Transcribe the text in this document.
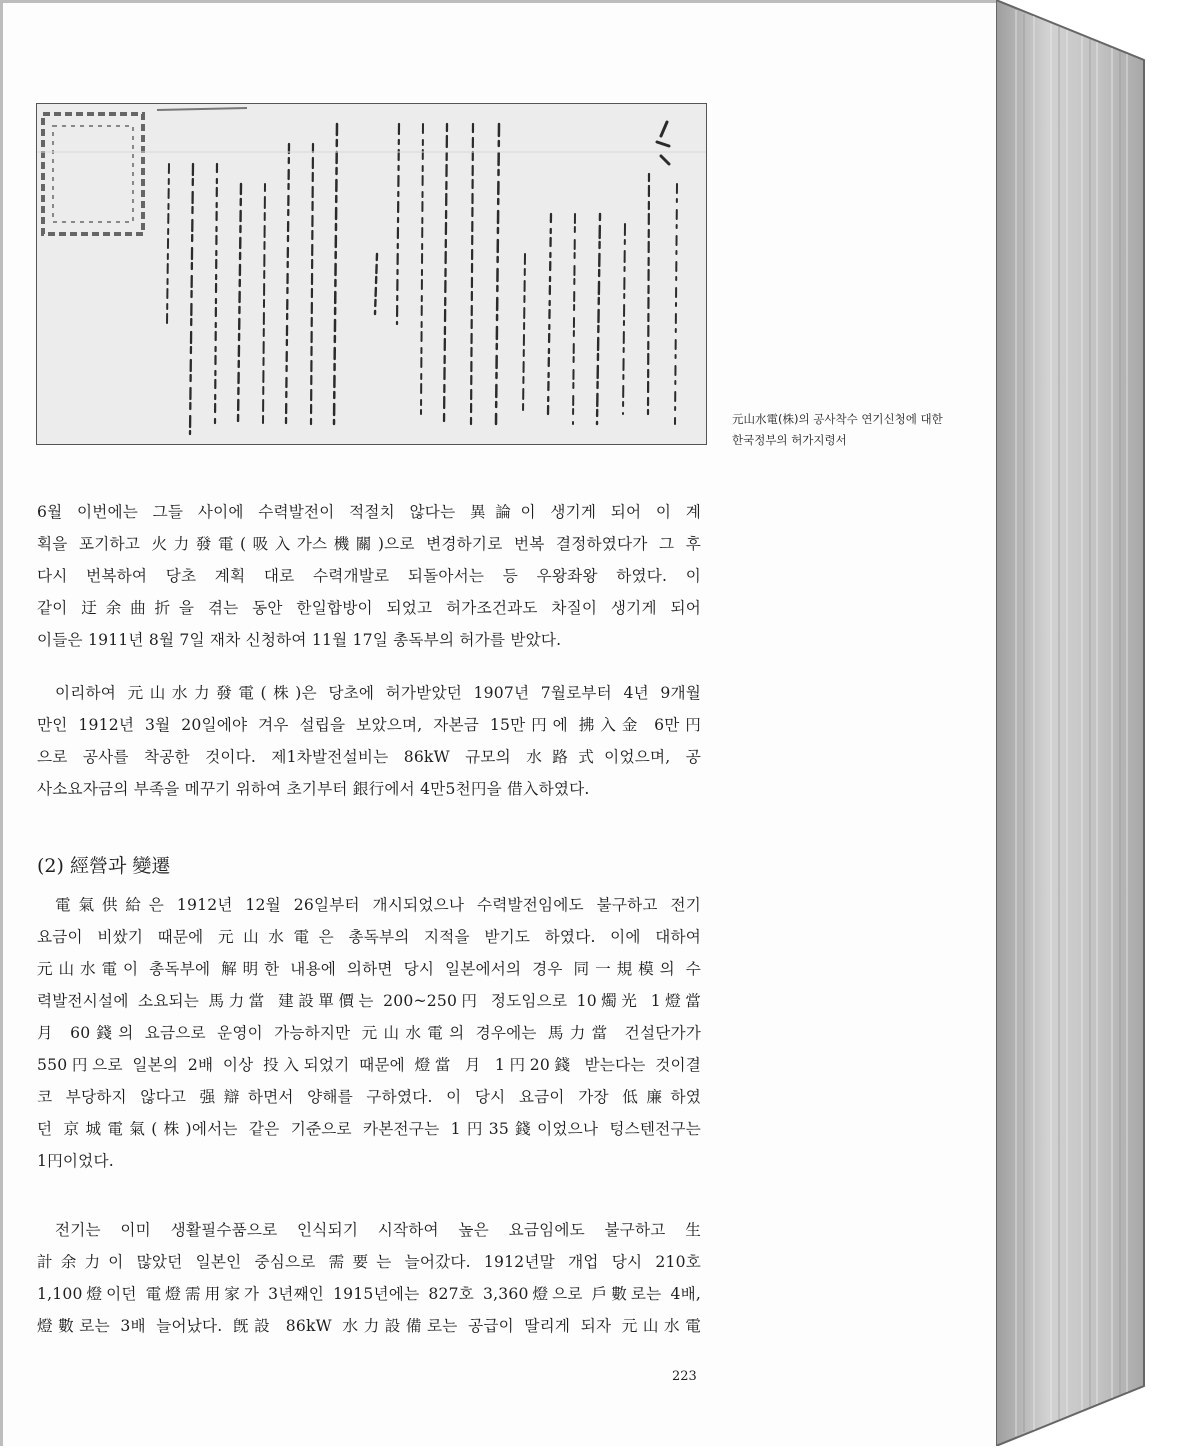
元山水電(株)의 공사착수 연기신청에 대한

한국정부의 허가지령서

6월 이번에는 그들 사이에 수력발전이 적절치 않다는 異論이 생기게 되어 이 계

획을 포기하고 火力發電(吸入가스機關)으로 변경하기로 번복 결정하였다가 그 후

다시 번복하여 당초 계획 대로 수력개발로 되돌아서는 등 우왕좌왕 하였다. 이

같이 迂余曲折을 겪는 동안 한일합방이 되었고 허가조건과도 차질이 생기게 되어

이들은 1911년 8월 7일 재차 신청하여 11월 17일 총독부의 허가를 받았다.

이리하여 元山水力發電(株)은 당초에 허가받았던 1907년 7월로부터 4년 9개월

만인 1912년 3월 20일에야 겨우 설립을 보았으며, 자본금 15만円에 拂入金 6만円

으로 공사를 착공한 것이다. 제1차발전설비는 86kW 규모의 水路式이었으며, 공

사소요자금의 부족을 메꾸기 위하여 초기부터 銀行에서 4만5천円을 借入하였다.

(2) 經營과 變遷

電氣供給은 1912년 12월 26일부터 개시되었으나 수력발전임에도 불구하고 전기

요금이 비쌌기 때문에 元山水電은 총독부의 지적을 받기도 하였다. 이에 대하여

元山水電이 총독부에 解明한 내용에 의하면 당시 일본에서의 경우 同一規模의 수

력발전시설에 소요되는 馬力當 建設單價는 200~250円 정도임으로 10燭光 1燈當

月 60錢의 요금으로 운영이 가능하지만 元山水電의 경우에는 馬力當 건설단가가

550円으로 일본의 2배 이상 投入되었기 때문에 燈當 月 1円20錢 받는다는 것이결

코 부당하지 않다고 强辯하면서 양해를 구하였다. 이 당시 요금이 가장 低廉하였

던 京城電氣(株)에서는 같은 기준으로 카본전구는 1円35錢이었으나 텅스텐전구는

1円이었다.

전기는 이미 생활필수품으로 인식되기 시작하여 높은 요금임에도 불구하고 生

計余力이 많았던 일본인 중심으로 需要는 늘어갔다. 1912년말 개업 당시 210호

1,100燈이던 電燈需用家가 3년째인 1915년에는 827호 3,360燈으로 戶數로는 4배,

燈數로는 3배 늘어났다. 旣設 86kW 水力設備로는 공급이 딸리게 되자 元山水電

223
